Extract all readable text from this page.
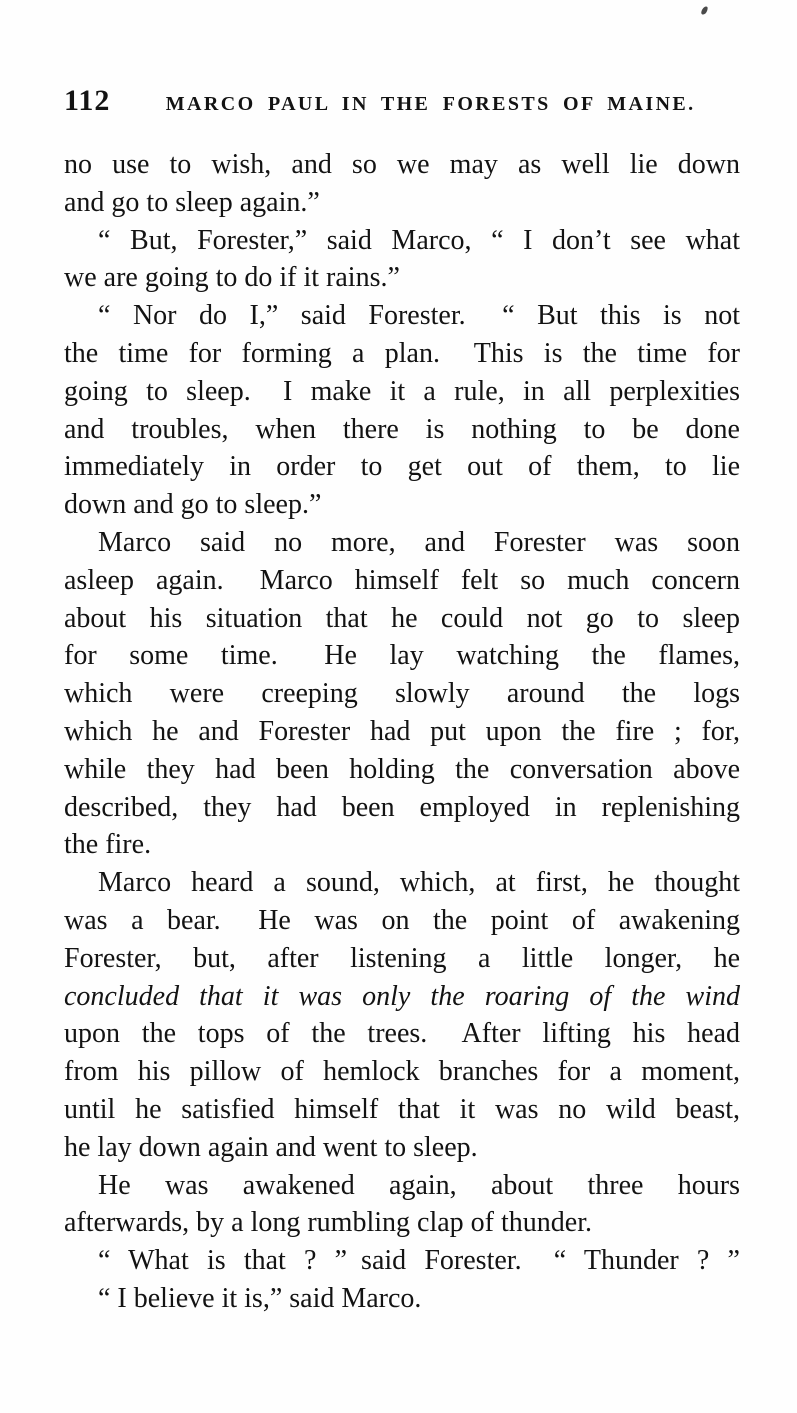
112	MARCO PAUL IN THE FORESTS OF MAINE.
no use to wish, and so we may as well lie down
and go to sleep again.”
“ But, Forester,” said Marco, “ I don’t see what
we are going to do if it rains.”
“ Nor do I,” said Forester.  “ But this is not
the time for forming a plan.  This is the time for
going to sleep.  I make it a rule, in all perplexities
and troubles, when there is nothing to be done
immediately in order to get out of them, to lie
down and go to sleep.”
Marco said no more, and Forester was soon
asleep again.  Marco himself felt so much concern
about his situation that he could not go to sleep
for some time.  He lay watching the flames,
which were creeping slowly around the logs
which he and Forester had put upon the fire ; for,
while they had been holding the conversation above
described, they had been employed in replenishing
the fire.
Marco heard a sound, which, at first, he thought
was a bear.  He was on the point of awakening
Forester, but, after listening a little longer, he
concluded that it was only the roaring of the wind
upon the tops of the trees.  After lifting his head
from his pillow of hemlock branches for a moment,
until he satisfied himself that it was no wild beast,
he lay down again and went to sleep.
He was awakened again, about three hours
afterwards, by a long rumbling clap of thunder.
“ What is that ? ” said Forester.  “ Thunder ? ”
“ I believe it is,” said Marco.
